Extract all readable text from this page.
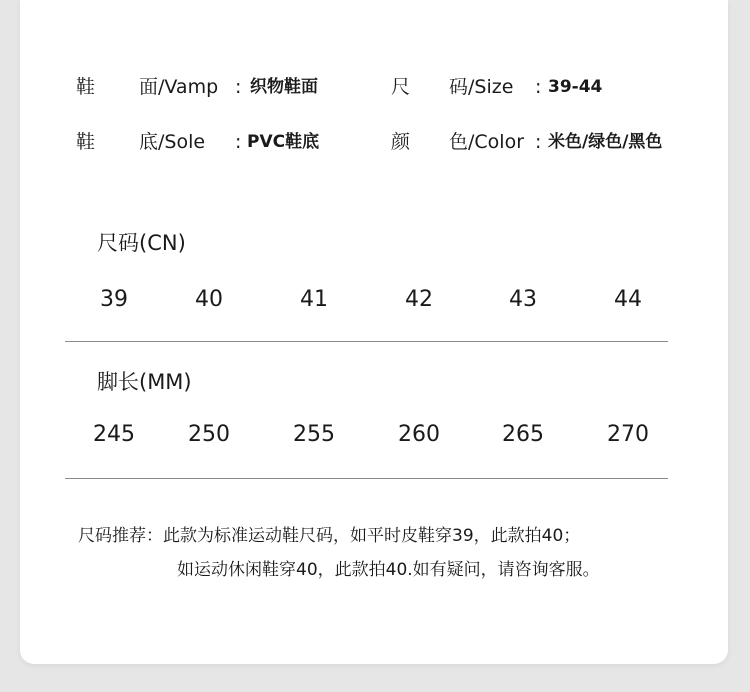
鞋 面/Vamp : 织物鞋面	尺 码/Size : 39-44
鞋 底/Sole : PVC鞋底	颜 色/Color : 米色/绿色/黑色
尺码(CN)
39	40	41	42	43	44
脚长(MM)
245	250	255	260	265	270
尺码推荐：此款为标准运动鞋尺码，如平时皮鞋穿39，此款拍40；
如运动休闲鞋穿40，此款拍40.如有疑问，请咨询客服。
